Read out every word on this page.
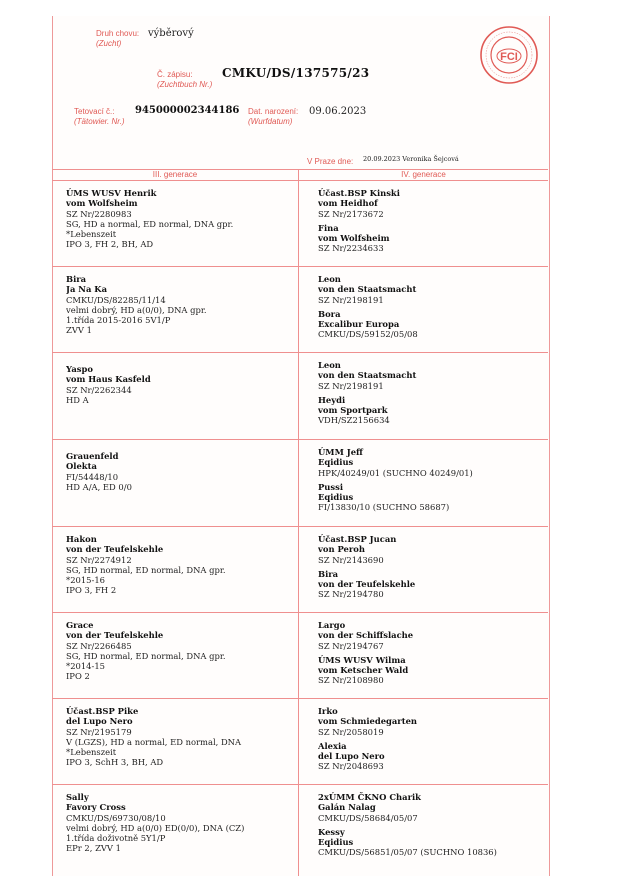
Druh chovu:
(Zucht)
výběrový
Č. zápisu:
(Zuchtbuch Nr.)
CMKU/DS/137575/23
Tetovací č.:
(Tätowier. Nr.)
945000002344186 Dat. narození:
(Wurfdatum)
09.06.2023
V Praze dne: 20.09.2023 Veronika Šejcová
FCI
III. generace	IV. generace
ÚMS WUSV Henrik
vom Wolfsheim
SZ Nr/2280983
SG, HD a normal, ED normal, DNA gpr.
*Lebenszeit
IPO 3, FH 2, BH, AD
Účast.BSP Kinski
vom Heidhof
SZ Nr/2173672
Fina
vom Wolfsheim
SZ Nr/2234633
Bira
Ja Na Ka
CMKU/DS/82285/11/14
velmi dobrý, HD a(0/0), DNA gpr.
1.třída 2015-2016 5V1/P
ZVV 1
Leon
von den Staatsmacht
SZ Nr/2198191
Bora
Excalibur Europa
CMKU/DS/59152/05/08
Yaspo
vom Haus Kasfeld
SZ Nr/2262344
HD A
Leon
von den Staatsmacht
SZ Nr/2198191
Heydi
vom Sportpark
VDH/SZ2156634
Grauenfeld
Olekta
FI/54448/10
HD A/A, ED 0/0
ÚMM Jeff
Eqidius
HPK/40249/01 (SUCHNO 40249/01)
Pussi
Eqidius
FI/13830/10 (SUCHNO 58687)
Hakon
von der Teufelskehle
SZ Nr/2274912
SG, HD normal, ED normal, DNA gpr.
*2015-16
IPO 3, FH 2
Účast.BSP Jucan
von Peroh
SZ Nr/2143690
Bira
von der Teufelskehle
SZ Nr/2194780
Grace
von der Teufelskehle
SZ Nr/2266485
SG, HD normal, ED normal, DNA gpr.
*2014-15
IPO 2
Largo
von der Schiffslache
SZ Nr/2194767
ÚMS WUSV Wilma
vom Ketscher Wald
SZ Nr/2108980
Účast.BSP Pike
del Lupo Nero
SZ Nr/2195179
V (LGZS), HD a normal, ED normal, DNA
*Lebenszeit
IPO 3, SchH 3, BH, AD
Irko
vom Schmiedegarten
SZ Nr/2058019
Alexia
del Lupo Nero
SZ Nr/2048693
Sally
Favory Cross
CMKU/DS/69730/08/10
velmi dobrý, HD a(0/0) ED(0/0), DNA (CZ)
1.třída doživotně 5Y1/P
EPr 2, ZVV 1
2xÚMM ČKNO Charik
Galán Nalag
CMKU/DS/58684/05/07
Kessy
Eqidius
CMKU/DS/56851/05/07 (SUCHNO 10836)
